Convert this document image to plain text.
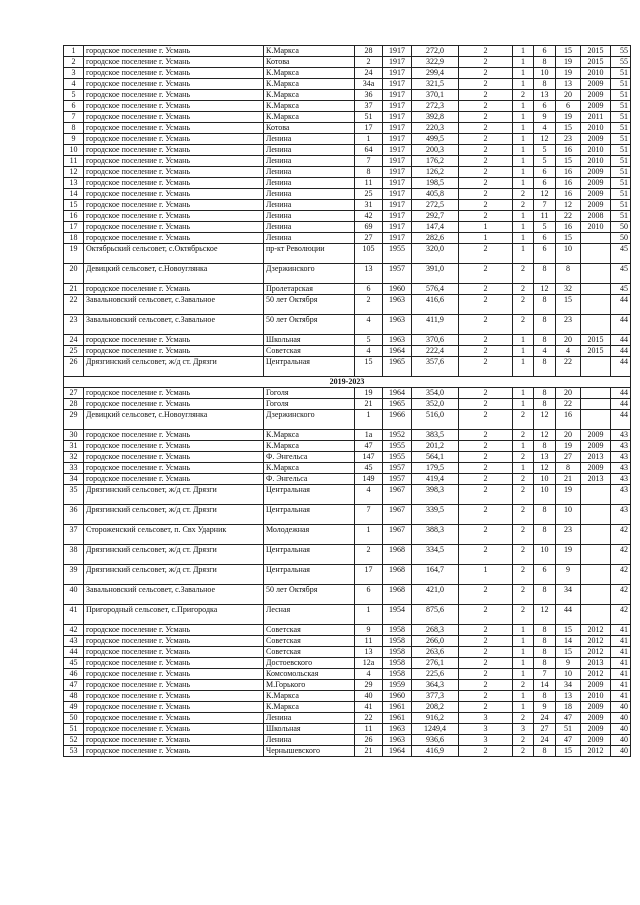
1	городское поселение г. Усмань	К.Маркса	28	1917	272,0	2	1	6	15	2015	55
2	городское поселение г. Усмань	Котова	2	1917	322,9	2	1	8	19	2015	55
3	городское поселение г. Усмань	К.Маркса	24	1917	299,4	2	1	10	19	2010	51
4	городское поселение г. Усмань	К.Маркса	34а	1917	321,5	2	1	8	13	2009	51
5	городское поселение г. Усмань	К.Маркса	36	1917	370,1	2	2	13	20	2009	51
6	городское поселение г. Усмань	К.Маркса	37	1917	272,3	2	1	6	6	2009	51
7	городское поселение г. Усмань	К.Маркса	51	1917	392,8	2	1	9	19	2011	51
8	городское поселение г. Усмань	Котова	17	1917	220,3	2	1	4	15	2010	51
9	городское поселение г. Усмань	Ленина	1	1917	499,5	2	1	12	23	2009	51
10	городское поселение г. Усмань	Ленина	64	1917	200,3	2	1	5	16	2010	51
11	городское поселение г. Усмань	Ленина	7	1917	176,2	2	1	5	15	2010	51
12	городское поселение г. Усмань	Ленина	8	1917	126,2	2	1	6	16	2009	51
13	городское поселение г. Усмань	Ленина	11	1917	198,5	2	1	6	16	2009	51
14	городское поселение г. Усмань	Ленина	25	1917	405,8	2	2	12	16	2009	51
15	городское поселение г. Усмань	Ленина	31	1917	272,5	2	2	7	12	2009	51
16	городское поселение г. Усмань	Ленина	42	1917	292,7	2	1	11	22	2008	51
17	городское поселение г. Усмань	Ленина	69	1917	147,4	1	1	5	16	2010	50
18	городское поселение г. Усмань	Ленина	27	1917	282,6	1	1	6	15		50
19	Октябрьский сельсовет, с.Октябрьское	пр-кт Революции	105	1955	320,0	2	1	6	10		45
20	Девицкий сельсовет, с.Новоуглянка	Дзержинского	13	1957	391,0	2	2	8	8		45
21	городское поселение г. Усмань	Пролетарская	6	1960	576,4	2	2	12	32		45
22	Завальновский сельсовет, с.Завальное	50 лет Октября	2	1963	416,6	2	2	8	15		44
23	Завальновский сельсовет, с.Завальное	50 лет Октября	4	1963	411,9	2	2	8	23		44
24	городское поселение г. Усмань	Школьная	5	1963	370,6	2	1	8	20	2015	44
25	городское поселение г. Усмань	Советская	4	1964	222,4	2	1	4	4	2015	44
26	Дрязгинский сельсовет, ж/д ст. Дрязги	Центральная	15	1965	357,6	2	1	8	22		44
2019-2023											
27	городское поселение г. Усмань	Гоголя	19	1964	354,0	2	1	8	20		44
28	городское поселение г. Усмань	Гоголя	21	1965	352,0	2	1	8	22		44
29	Девицкий сельсовет, с.Новоуглянка	Дзержинского	1	1966	516,0	2	2	12	16		44
30	городское поселение г. Усмань	К.Маркса	1а	1952	383,5	2	2	12	20	2009	43
31	городское поселение г. Усмань	К.Маркса	47	1955	201,2	2	1	8	19	2009	43
32	городское поселение г. Усмань	Ф. Энгельса	147	1955	564,1	2	2	13	27	2013	43
33	городское поселение г. Усмань	К.Маркса	45	1957	179,5	2	1	12	8	2009	43
34	городское поселение г. Усмань	Ф. Энгельса	149	1957	419,4	2	2	10	21	2013	43
35	Дрязгинский сельсовет, ж/д ст. Дрязги	Центральная	4	1967	398,3	2	2	10	19		43
36	Дрязгинский сельсовет, ж/д ст. Дрязги	Центральная	7	1967	339,5	2	2	8	10		43
37	Стороженский сельсовет, п. Свх Ударник	Молодежная	1	1967	388,3	2	2	8	23		42
38	Дрязгинский сельсовет, ж/д ст. Дрязги	Центральная	2	1968	334,5	2	2	10	19		42
39	Дрязгинский сельсовет, ж/д ст. Дрязги	Центральная	17	1968	164,7	1	2	6	9		42
40	Завальновский сельсовет, с.Завальное	50 лет Октября	6	1968	421,0	2	2	8	34		42
41	Пригородный сельсовет, с.Пригородка	Лесная	1	1954	875,6	2	2	12	44		42
42	городское поселение г. Усмань	Советская	9	1958	268,3	2	1	8	15	2012	41
43	городское поселение г. Усмань	Советская	11	1958	266,0	2	1	8	14	2012	41
44	городское поселение г. Усмань	Советская	13	1958	263,6	2	1	8	15	2012	41
45	городское поселение г. Усмань	Достоевского	12а	1958	276,1	2	1	8	9	2013	41
46	городское поселение г. Усмань	Комсомольская	4	1958	225,6	2	1	7	10	2012	41
47	городское поселение г. Усмань	М.Горького	29	1959	364,3	2	2	14	34	2009	41
48	городское поселение г. Усмань	К.Маркса	40	1960	377,3	2	1	8	13	2010	41
49	городское поселение г. Усмань	К.Маркса	41	1961	208,2	2	1	9	18	2009	40
50	городское поселение г. Усмань	Ленина	22	1961	916,2	3	2	24	47	2009	40
51	городское поселение г. Усмань	Школьная	11	1963	1249,4	3	3	27	51	2009	40
52	городское поселение г. Усмань	Ленина	26	1963	936,6	3	2	24	47	2009	40
53	городское поселение г. Усмань	Чернышевского	21	1964	416,9	2	2	8	15	2012	40
